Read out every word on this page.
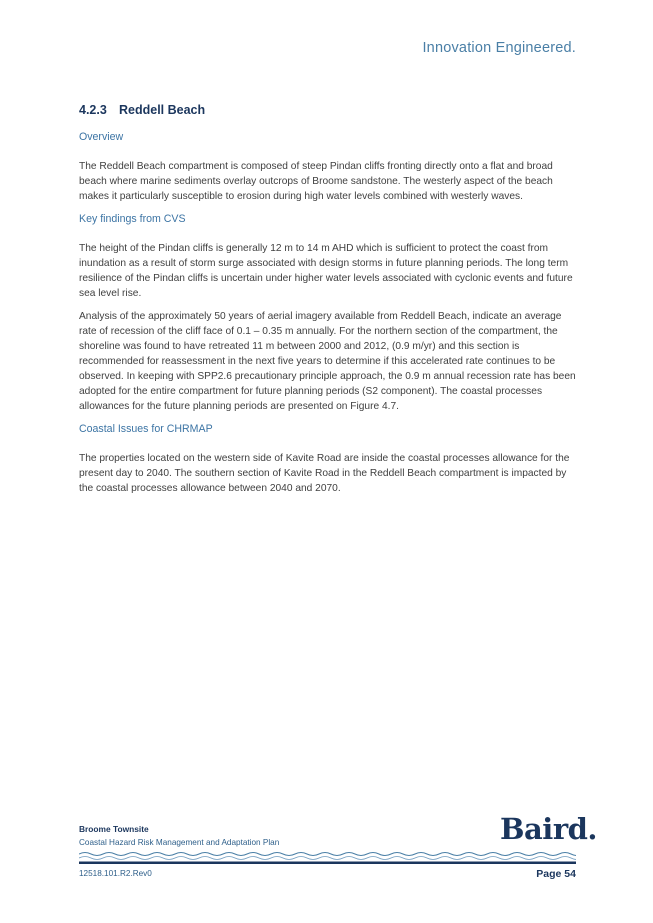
Innovation Engineered.
4.2.3 Reddell Beach
Overview

The Reddell Beach compartment is composed of steep Pindan cliffs fronting directly onto a flat and broad beach where marine sediments overlay outcrops of Broome sandstone. The westerly aspect of the beach makes it particularly susceptible to erosion during high water levels combined with westerly waves.

Key findings from CVS

The height of the Pindan cliffs is generally 12 m to 14 m AHD which is sufficient to protect the coast from inundation as a result of storm surge associated with design storms in future planning periods. The long term resilience of the Pindan cliffs is uncertain under higher water levels associated with cyclonic events and future sea level rise.

Analysis of the approximately 50 years of aerial imagery available from Reddell Beach, indicate an average rate of recession of the cliff face of 0.1 – 0.35 m annually. For the northern section of the compartment, the shoreline was found to have retreated 11 m between 2000 and 2012, (0.9 m/yr) and this section is recommended for reassessment in the next five years to determine if this accelerated rate continues to be observed. In keeping with SPP2.6 precautionary principle approach, the 0.9 m annual recession rate has been adopted for the entire compartment for future planning periods (S2 component). The coastal processes allowances for the future planning periods are presented on Figure 4.7.

Coastal Issues for CHRMAP

The properties located on the western side of Kavite Road are inside the coastal processes allowance for the present day to 2040. The southern section of Kavite Road in the Reddell Beach compartment is impacted by the coastal processes allowance between 2040 and 2070.

Broome Townsite
Coastal Hazard Risk Management and Adaptation Plan	Baird.
12518.101.R2.Rev0	Page 54
